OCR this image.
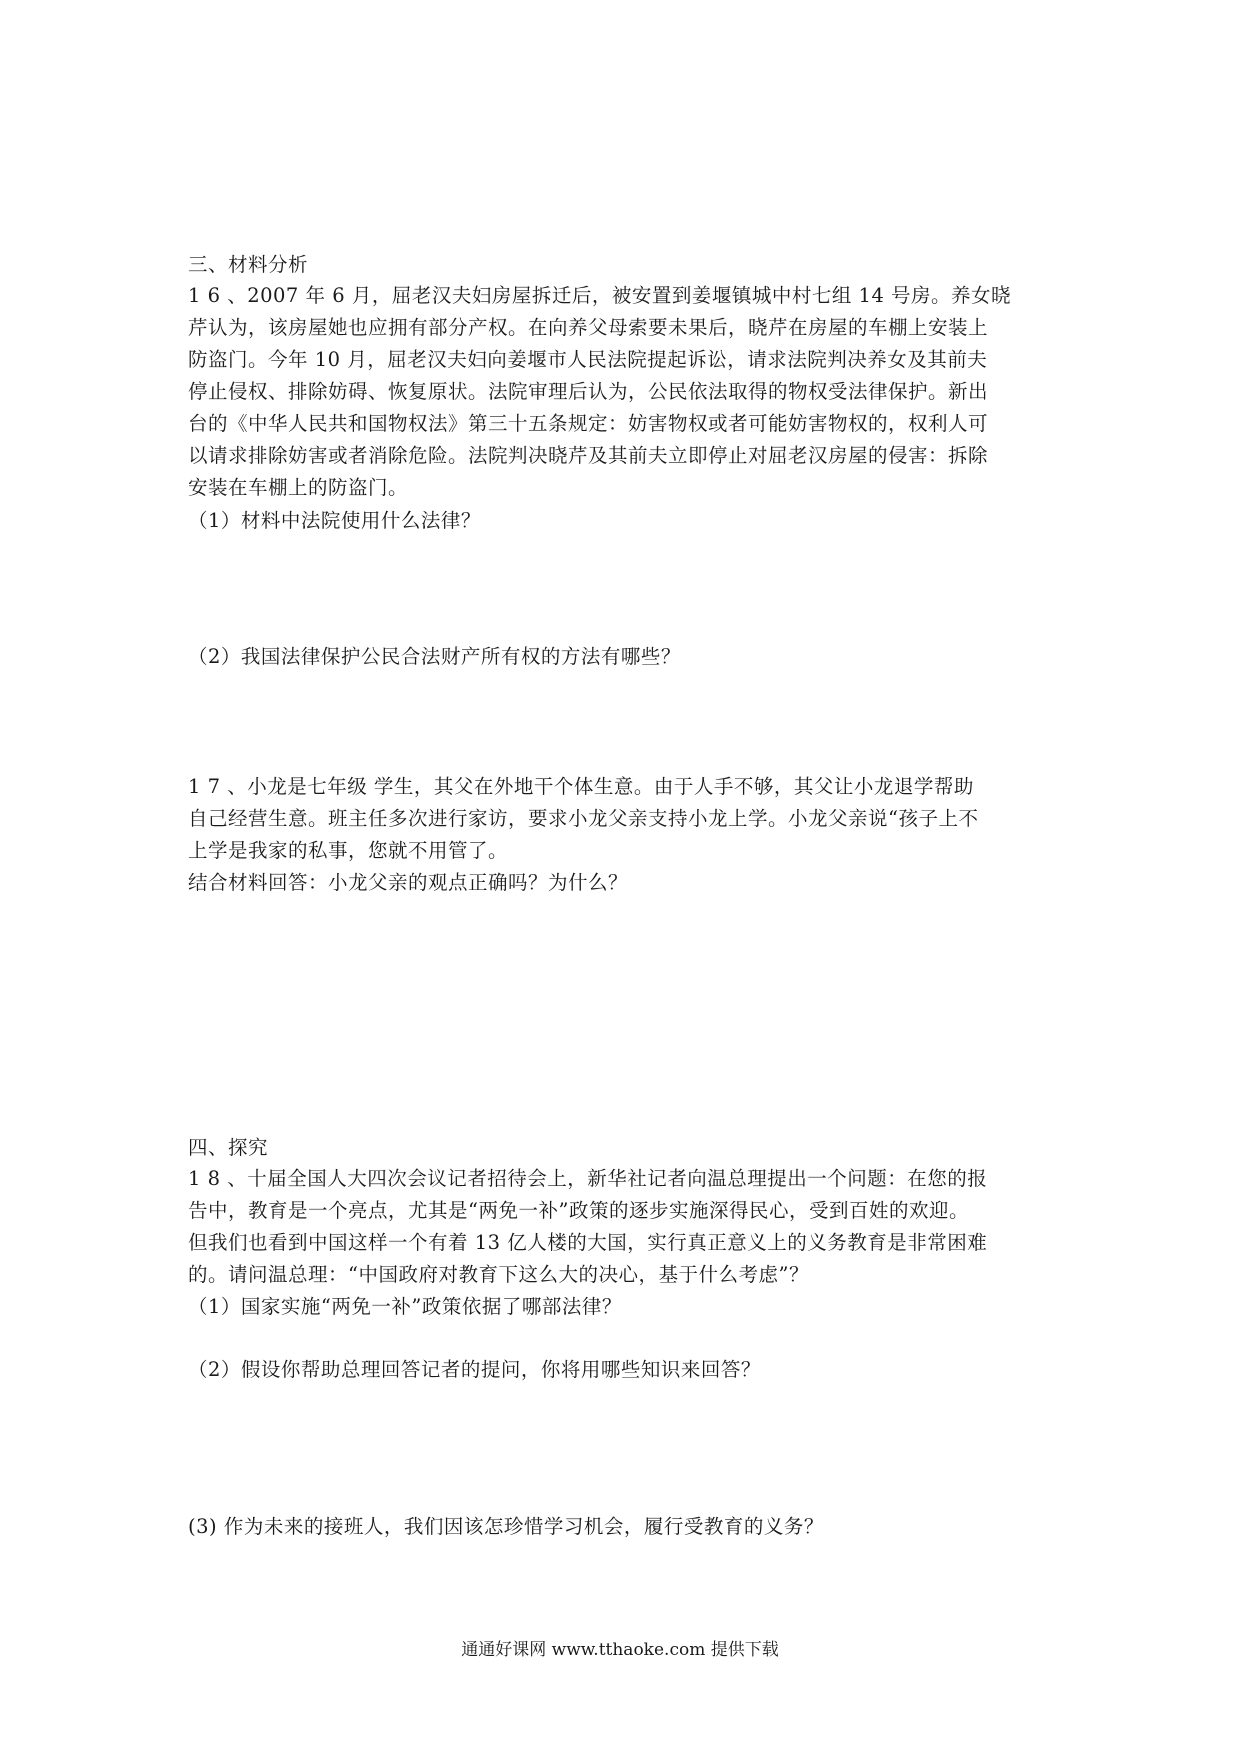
三、材料分析
1 6 、2007 年 6 月，屈老汉夫妇房屋拆迁后，被安置到姜堰镇城中村七组 14 号房。养女晓
芹认为，该房屋她也应拥有部分产权。在向养父母索要未果后，晓芹在房屋的车棚上安装上
防盗门。今年 10 月，屈老汉夫妇向姜堰市人民法院提起诉讼，请求法院判决养女及其前夫
停止侵权、排除妨碍、恢复原状。法院审理后认为，公民依法取得的物权受法律保护。新出
台的《中华人民共和国物权法》第三十五条规定：妨害物权或者可能妨害物权的，权利人可
以请求排除妨害或者消除危险。法院判决晓芹及其前夫立即停止对屈老汉房屋的侵害：拆除
安装在车棚上的防盗门。
（1）材料中法院使用什么法律？
（2）我国法律保护公民合法财产所有权的方法有哪些？
1 7 、小龙是七年级 学生，其父在外地干个体生意。由于人手不够，其父让小龙退学帮助
自己经营生意。班主任多次进行家访，要求小龙父亲支持小龙上学。小龙父亲说“孩子上不
上学是我家的私事，您就不用管了。
结合材料回答：小龙父亲的观点正确吗？为什么？
四、探究
1 8 、十届全国人大四次会议记者招待会上，新华社记者向温总理提出一个问题：在您的报
告中，教育是一个亮点，尤其是“两免一补”政策的逐步实施深得民心，受到百姓的欢迎。
但我们也看到中国这样一个有着 13 亿人楼的大国，实行真正意义上的义务教育是非常困难
的。请问温总理：“中国政府对教育下这么大的决心，基于什么考虑”？
（1）国家实施“两免一补”政策依据了哪部法律？
（2）假设你帮助总理回答记者的提问，你将用哪些知识来回答？
(3) 作为未来的接班人，我们因该怎珍惜学习机会，履行受教育的义务？
通通好课网 www.tthaoke.com 提供下载
